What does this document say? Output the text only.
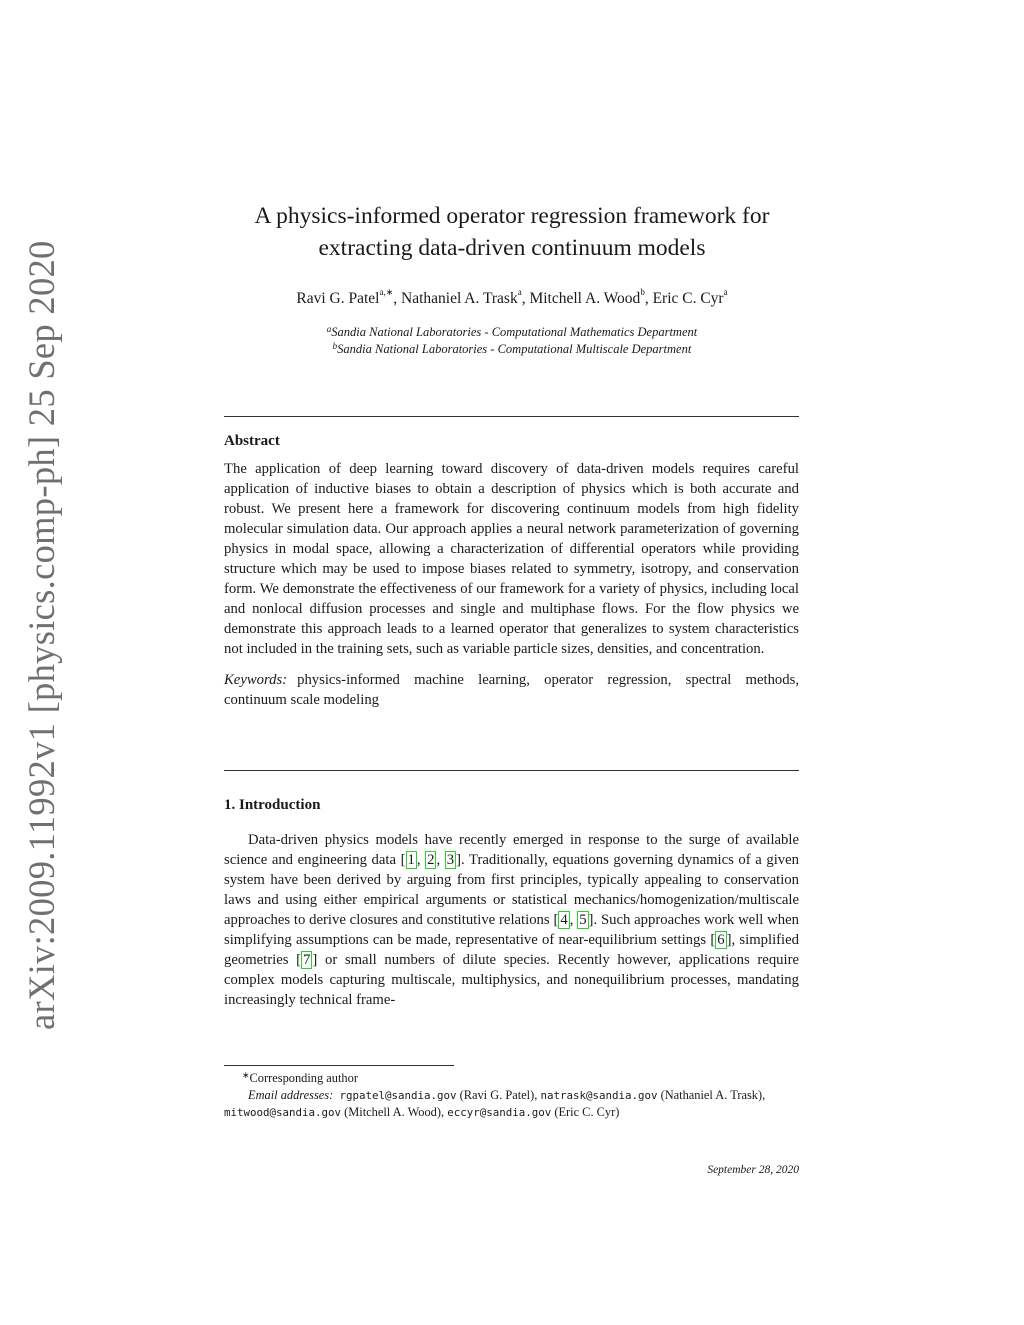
arXiv:2009.11992v1 [physics.comp-ph] 25 Sep 2020
A physics-informed operator regression framework for
extracting data-driven continuum models
Ravi G. Patel$^{a,∗}$, Nathaniel A. Trask$^a$, Mitchell A. Wood$^b$, Eric C. Cyr$^a$
$^a$Sandia National Laboratories - Computational Mathematics Department
$^b$Sandia National Laboratories - Computational Multiscale Department
Abstract
The application of deep learning toward discovery of data-driven models requires careful application of inductive biases to obtain a description of physics which is both accurate and robust. We present here a framework for discovering continuum models from high fidelity molecular simulation data. Our approach applies a neural network parameterization of governing physics in modal space, allowing a characterization of differential operators while providing structure which may be used to impose biases related to symmetry, isotropy, and conservation form. We demonstrate the effectiveness of our framework for a variety of physics, including local and nonlocal diffusion processes and single and multiphase flows. For the flow physics we demonstrate this approach leads to a learned operator that generalizes to system characteristics not included in the training sets, such as variable particle sizes, densities, and concentration.
Keywords: physics-informed machine learning, operator regression, spectral methods, continuum scale modeling
1. Introduction
Data-driven physics models have recently emerged in response to the surge of available science and engineering data [ 1 , 2 , 3 ]. Traditionally, equations governing dynamics of a given system have been derived by arguing from first principles, typically appealing to conservation laws and using either empirical arguments or statistical mechanics/homogenization/multiscale approaches to derive closures and constitutive relations [ 4 , 5 ]. Such approaches work well when simplifying assumptions can be made, representative of near-equilibrium settings [ 6 ], simplified geometries [ 7 ] or small numbers of dilute species. Recently however, applications require complex models capturing multiscale, multiphysics, and nonequilibrium processes, mandating increasingly technical frame-
∗Corresponding author
Email addresses: rgpatel@sandia.gov (Ravi G. Patel), natrask@sandia.gov (Nathaniel A. Trask), mitwood@sandia.gov (Mitchell A. Wood), eccyr@sandia.gov (Eric C. Cyr)
September 28, 2020
